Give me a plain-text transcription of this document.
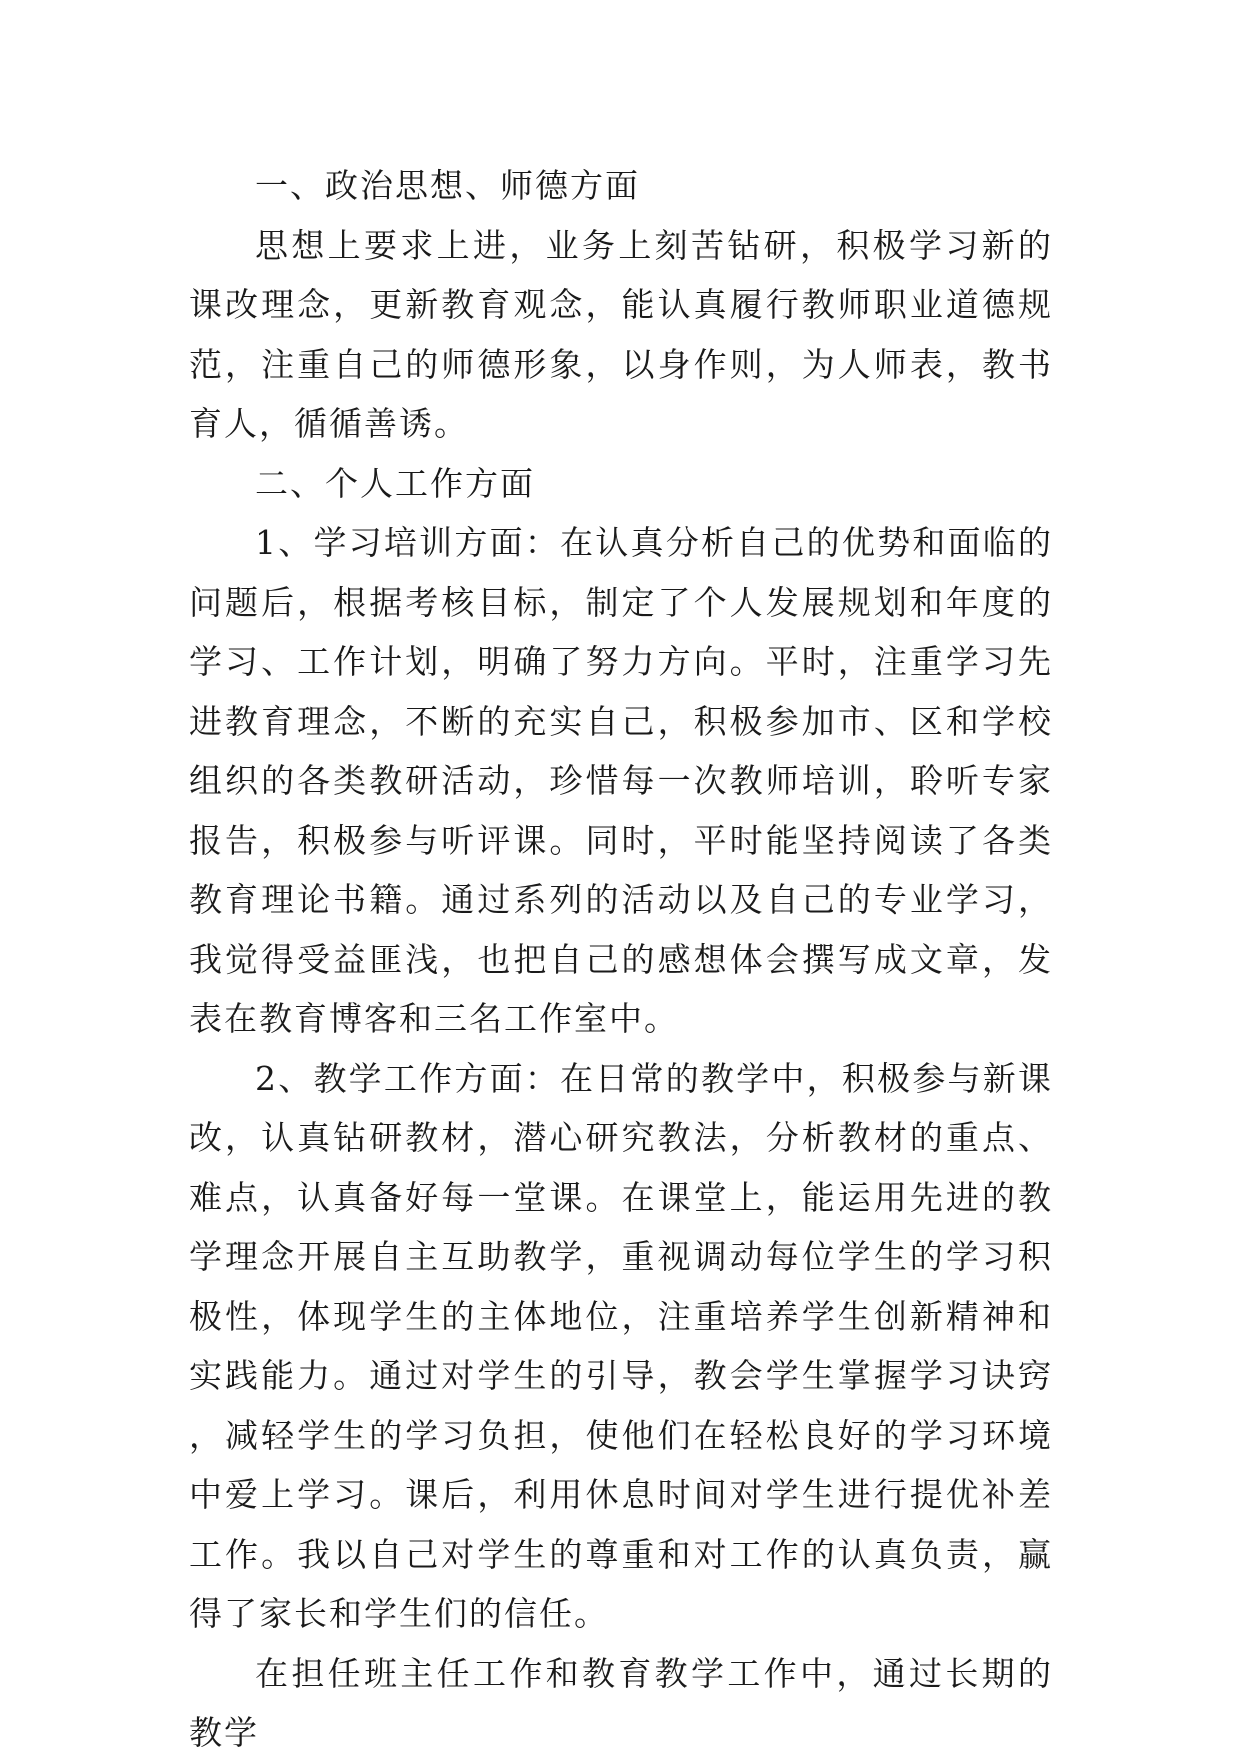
一、政治思想、师德方面

思想上要求上进，业务上刻苦钻研，积极学习新的课改理念，更新教育观念，能认真履行教师职业道德规范，注重自己的师德形象，以身作则，为人师表，教书育人，循循善诱。

二、个人工作方面

1、学习培训方面：在认真分析自己的优势和面临的问题后，根据考核目标，制定了个人发展规划和年度的学习、工作计划，明确了努力方向。平时，注重学习先进教育理念，不断的充实自己，积极参加市、区和学校组织的各类教研活动，珍惜每一次教师培训，聆听专家报告，积极参与听评课。同时，平时能坚持阅读了各类教育理论书籍。通过系列的活动以及自己的专业学习，我觉得受益匪浅，也把自己的感想体会撰写成文章，发表在教育博客和三名工作室中。

2、教学工作方面：在日常的教学中，积极参与新课改，认真钻研教材，潜心研究教法，分析教材的重点、难点，认真备好每一堂课。在课堂上，能运用先进的教学理念开展自主互助教学，重视调动每位学生的学习积极性，体现学生的主体地位，注重培养学生创新精神和实践能力。通过对学生的引导，教会学生掌握学习诀窍，减轻学生的学习负担，使他们在轻松良好的学习环境中爱上学习。课后，利用休息时间对学生进行提优补差工作。我以自己对学生的尊重和对工作的认真负责，赢得了家长和学生们的信任。

在担任班主任工作和教育教学工作中，通过长期的教学
